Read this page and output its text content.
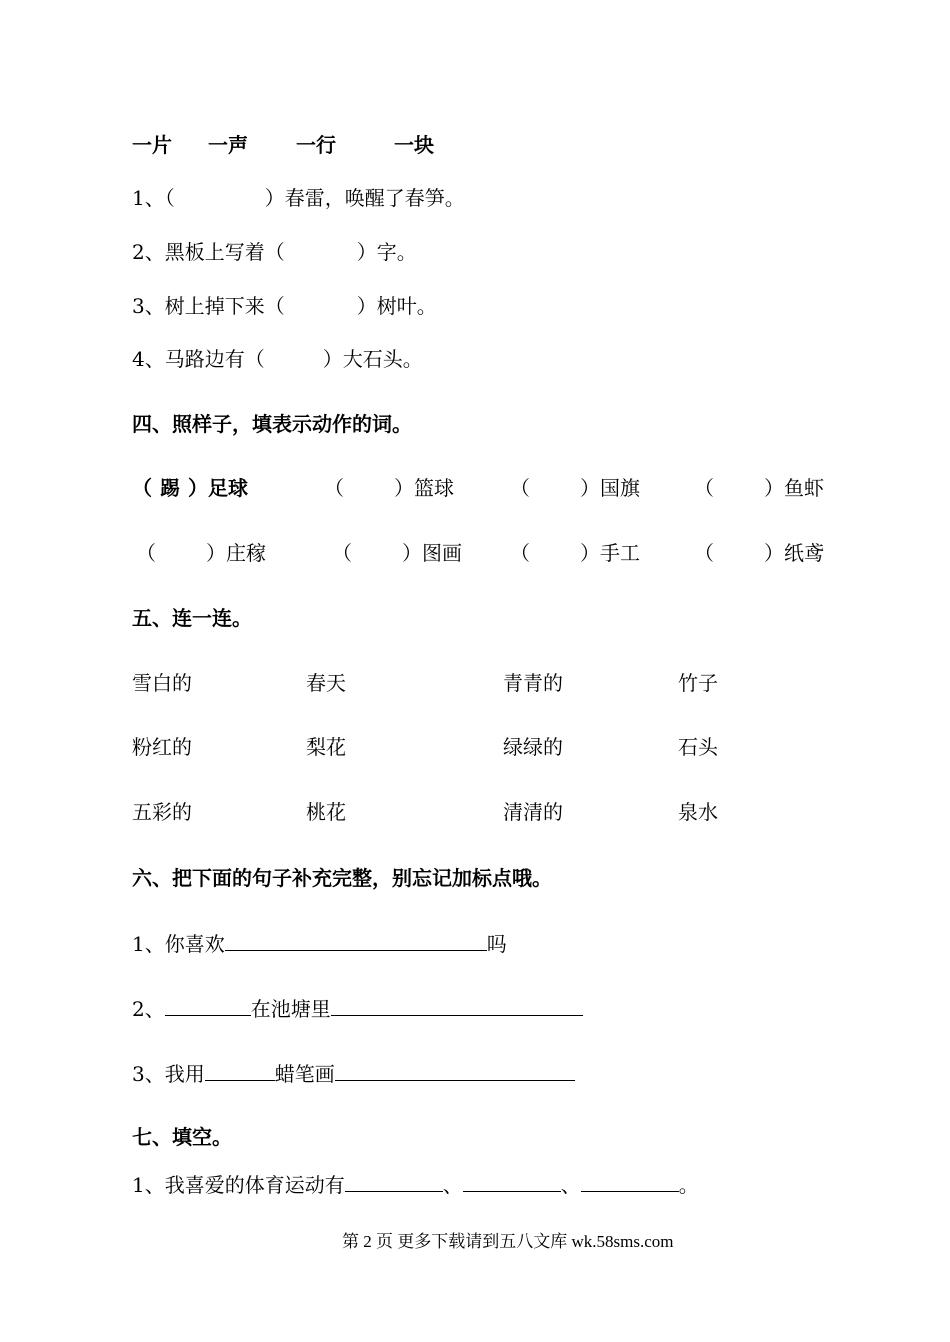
一片 一声 一行	一块
1、（	）春雷，唤醒了春笋。
2、黑板上写着（	）字。
3、树上掉下来（	）树叶。
4、马路边有（	）大石头。
四、照样子，填表示动作的词。
（ 踢 ）足球	（	）篮球	（	）国旗	（	）鱼虾
（	）庄稼	（	）图画 （	）手工	（	）纸鸢
五、连一连。
雪白的	春天	青青的	竹子
粉红的	梨花	绿绿的	石头
五彩的	桃花	清清的	泉水
六、把下面的句子补充完整，别忘记加标点哦。
1、你喜欢	吗
2、	在池塘里
3、我用	蜡笔画
七、填空。
1、我喜爱的体育运动有	、	、	。
第 2 页 更多下载请到五八文库 wk.58sms.com
